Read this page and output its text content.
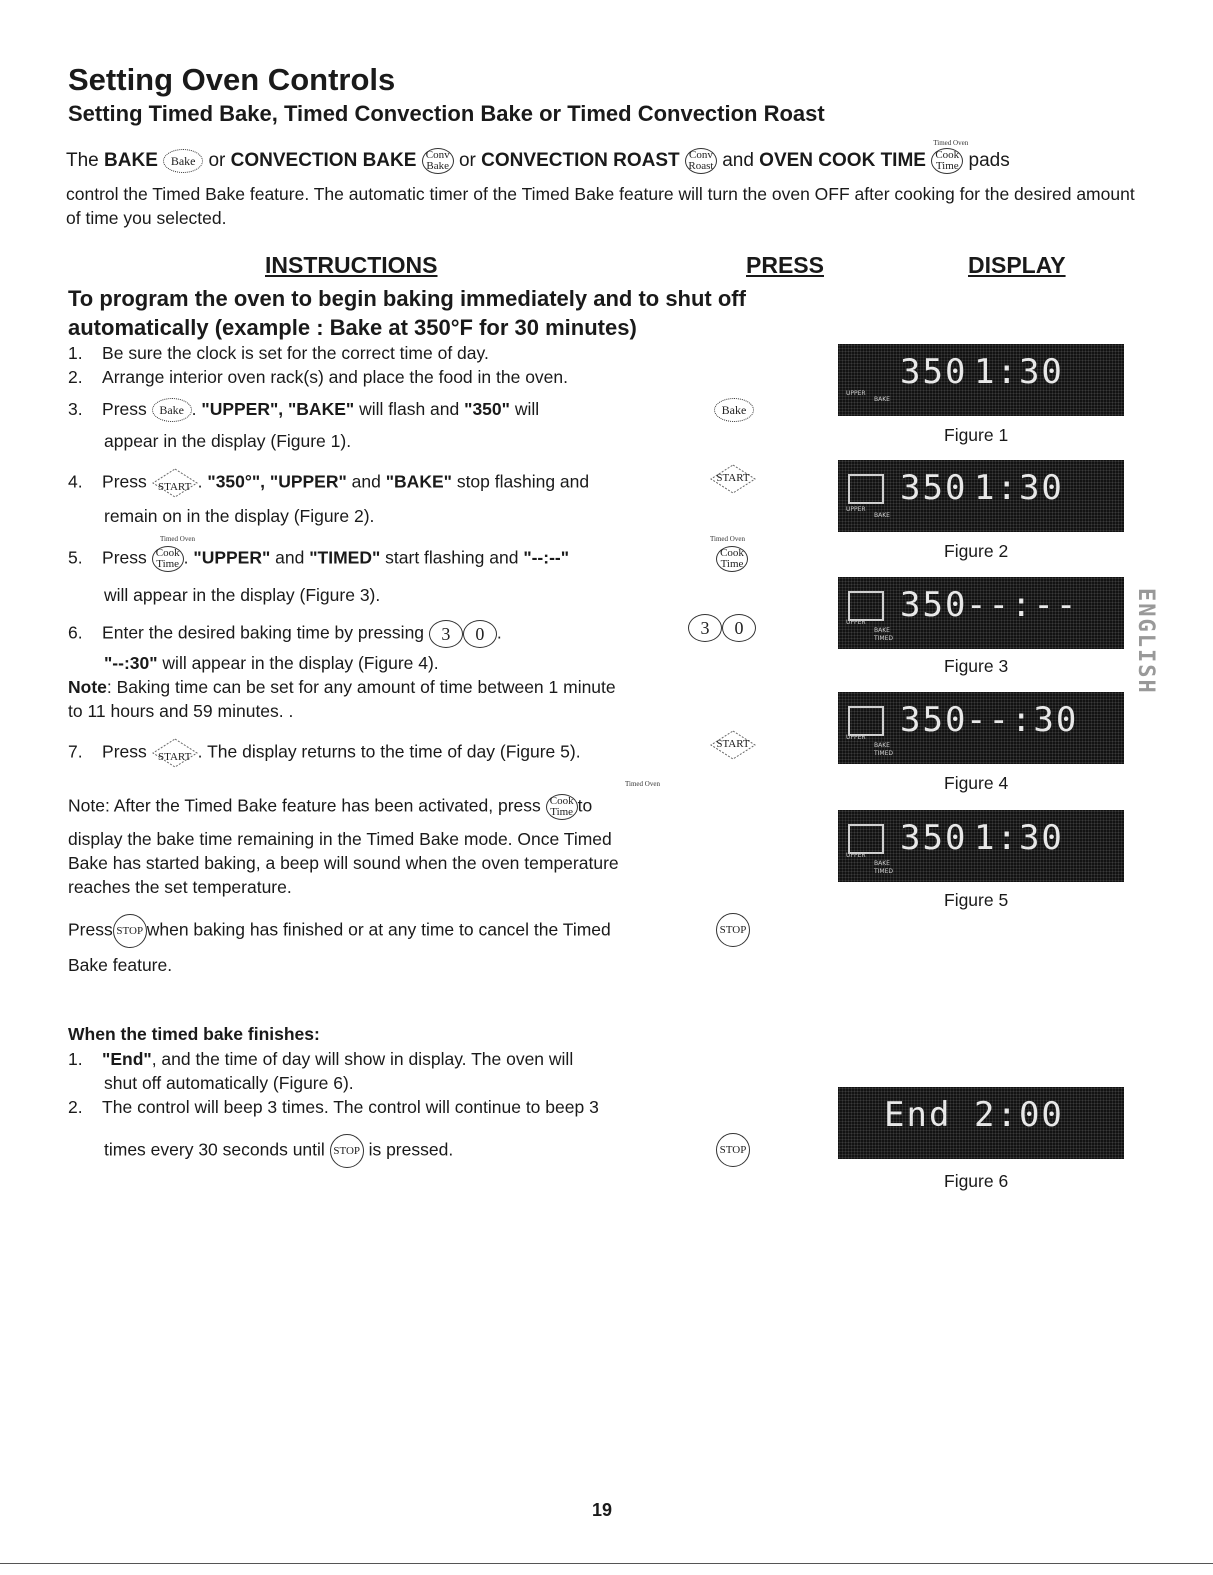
Setting Oven Controls
Setting Timed Bake, Timed Convection Bake or Timed Convection Roast
The BAKE Bake or CONVECTION BAKE Conv
Bake or CONVECTION ROAST Conv
Roast and OVEN COOK TIME
Timed Oven
Cook
Time pads
control the Timed Bake feature. The automatic timer of the Timed Bake feature will turn the oven OFF after cooking for the desired amount of time you selected.
INSTRUCTIONS	PRESS	DISPLAY
To program the oven to begin baking immediately and to shut off automatically (example : Bake at 350°F for 30 minutes)
1.    Be sure the clock is set for the correct time of day.
2.    Arrange interior oven rack(s) and place the food in the oven.
3.    Press Bake . "UPPER", "BAKE" will flash and "350" will
appear in the display (Figure 1).
4.    Press	START . "350°", "UPPER" and "BAKE" stop flashing and
remain on in the display (Figure 2).
Timed Oven
5.    Press Cook
Time . "UPPER" and "TIMED" start flashing and "--:--"
will appear in the display (Figure 3).
6.    Enter the desired baking time by pressing 3 0 .
"--:30" will appear in the display (Figure 4).
Note: Baking time can be set for any amount of time between 1 minute
to 11 hours and 59 minutes. .
7.    Press	START . The display returns to the time of day (Figure 5).
Timed Oven
Note: After the Timed Bake feature has been activated, press Cook
Time to
display the bake time remaining in the Timed Bake mode. Once Timed
Bake has started baking, a beep will sound when the oven temperature
reaches the set temperature.
Press STOP when baking has finished or at any time to cancel the Timed
Bake feature.
When the timed bake finishes:
1.    "End", and the time of day will show in display. The oven will
shut off automatically (Figure 6).
2.    The control will beep 3 times. The control will continue to beep 3
times every 30 seconds until STOP is pressed.
Bake
START
Timed Oven
Cook
Time
3 0
START
STOP
STOP
350 1:30
UPPER
BAKE
Figure 1
350 1:30
UPPER
BAKE
Figure 2
350
--:--
UPPER
BAKE
TIMED
Figure 3
350
--:30
UPPER
BAKE
TIMED
Figure 4
350 1:30
UPPER
BAKE
TIMED
Figure 5
End 2:00
Figure 6
ENGLISH
19
